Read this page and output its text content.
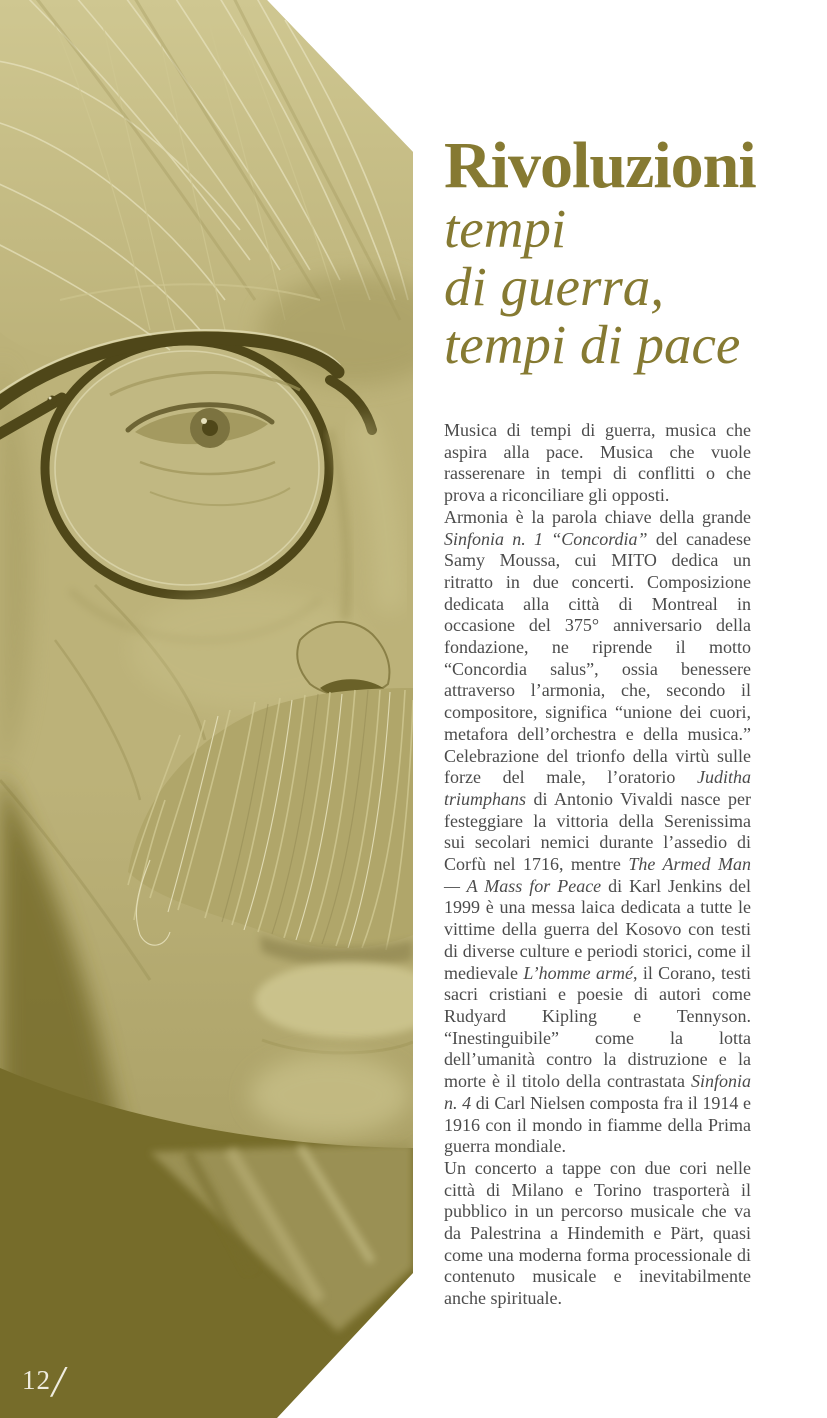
Rivoluzioni
tempi
di guerra,
tempi di pace

Musica di tempi di guerra, musica che aspira alla pace. Musica che vuole rasserenare in tempi di conflitti o che prova a riconciliare gli opposti.

Armonia è la parola chiave della grande Sinfonia n. 1 “Concordia” del canadese Samy Moussa, cui MITO dedica un ritratto in due concerti. Composizione dedicata alla città di Montreal in occasione del 375° anniversario della fondazione, ne riprende il motto “Concordia salus”, ossia benessere attraverso l’armonia, che, secondo il compositore, significa “unione dei cuori, metafora dell’orchestra e della musica.” Celebrazione del trionfo della virtù sulle forze del male, l’oratorio Juditha triumphans di Antonio Vivaldi nasce per festeggiare la vittoria della Serenissima sui secolari nemici durante l’assedio di Corfù nel 1716, mentre The Armed Man — A Mass for Peace di Karl Jenkins del 1999 è una messa laica dedicata a tutte le vittime della guerra del Kosovo con testi di diverse culture e periodi storici, come il medievale L’homme armé, il Corano, testi sacri cristiani e poesie di autori come Rudyard Kipling e Tennyson. “Inestinguibile” come la lotta dell’umanità contro la distruzione e la morte è il titolo della contrastata Sinfonia n. 4 di Carl Nielsen composta fra il 1914 e 1916 con il mondo in fiamme della Prima guerra mondiale.

Un concerto a tappe con due cori nelle città di Milano e Torino trasporterà il pubblico in un percorso musicale che va da Palestrina a Hindemith e Pärt, quasi come una moderna forma processionale di contenuto musicale e inevitabilmente anche spirituale.

12/
